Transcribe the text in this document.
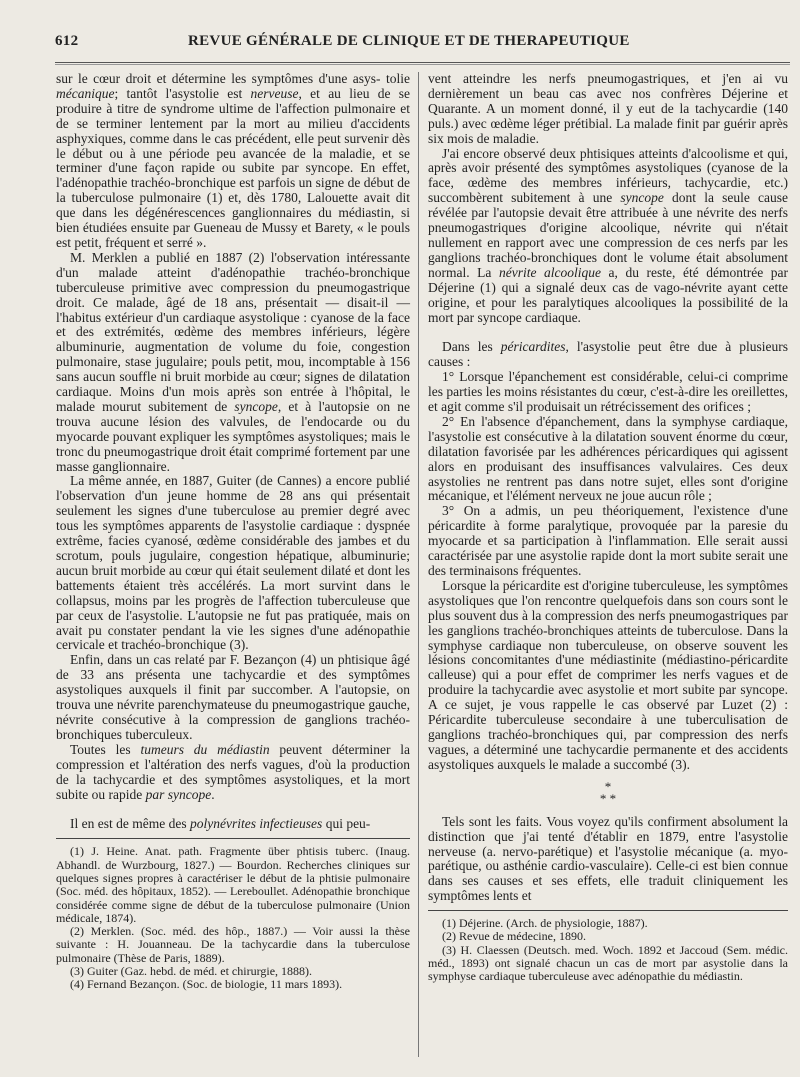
612	REVUE GÉNÉRALE DE CLINIQUE ET DE THERAPEUTIQUE

sur le cœur droit et détermine les symptômes d'une asys- tolie mécanique; tantôt l'asystolie est nerveuse, et au lieu de se produire à titre de syndrome ultime de l'affection pulmonaire et de se terminer lentement par la mort au milieu d'accidents asphyxiques, comme dans le cas précédent, elle peut survenir dès le début ou à une période peu avancée de la maladie, et se terminer d'une façon rapide ou subite par syncope. En effet, l'adénopathie trachéo-bronchique est parfois un signe de début de la tuberculose pulmonaire (1) et, dès 1780, Lalouette avait dit que dans les dégénérescences ganglionnaires du médiastin, si bien étudiées ensuite par Gueneau de Mussy et Barety, « le pouls est petit, fréquent et serré ».

M. Merklen a publié en 1887 (2) l'observation intéressante d'un malade atteint d'adénopathie trachéo-bronchique tuberculeuse primitive avec compression du pneumogastrique droit. Ce malade, âgé de 18 ans, présentait — disait-il — l'habitus extérieur d'un cardiaque asystolique : cyanose de la face et des extrémités, œdème des membres inférieurs, légère albuminurie, augmentation de volume du foie, congestion pulmonaire, stase jugulaire; pouls petit, mou, incomptable à 156 sans aucun souffle ni bruit morbide au cœur; signes de dilatation cardiaque. Moins d'un mois après son entrée à l'hôpital, le malade mourut subitement de syncope, et à l'autopsie on ne trouva aucune lésion des valvules, de l'endocarde ou du myocarde pouvant expliquer les symptômes asystoliques; mais le tronc du pneumogastrique droit était comprimé fortement par une masse ganglionnaire.

La même année, en 1887, Guiter (de Cannes) a encore publié l'observation d'un jeune homme de 28 ans qui présentait seulement les signes d'une tuberculose au premier degré avec tous les symptômes apparents de l'asystolie cardiaque : dyspnée extrême, facies cyanosé, œdème considérable des jambes et du scrotum, pouls jugulaire, congestion hépatique, albuminurie; aucun bruit morbide au cœur qui était seulement dilaté et dont les battements étaient très accélérés. La mort survint dans le collapsus, moins par les progrès de l'affection tuberculeuse que par ceux de l'asystolie. L'autopsie ne fut pas pratiquée, mais on avait pu constater pendant la vie les signes d'une adénopathie cervicale et trachéo-bronchique (3).

Enfin, dans un cas relaté par F. Bezançon (4) un phtisique âgé de 33 ans présenta une tachycardie et des symptômes asystoliques auxquels il finit par succomber. A l'autopsie, on trouva une névrite parenchymateuse du pneumogastrique gauche, névrite consécutive à la compression de ganglions trachéo-bronchiques tuberculeux.

Toutes les tumeurs du médiastin peuvent déterminer la compression et l'altération des nerfs vagues, d'où la production de la tachycardie et des symptômes asystoliques, et la mort subite ou rapide par syncope.

Il en est de même des polynévrites infectieuses qui peu-

(1) J. Heine. Anat. path. Fragmente über phtisis tuberc. (Inaug. Abhandl. de Wurzbourg, 1827.) — Bourdon. Recherches cliniques sur quelques signes propres à caractériser le début de la phtisie pulmonaire (Soc. méd. des hôpitaux, 1852). — Lereboullet. Adénopathie bronchique considérée comme signe de début de la tuberculose pulmonaire (Union médicale, 1874).

(2) Merklen. (Soc. méd. des hôp., 1887.) — Voir aussi la thèse suivante : H. Jouanneau. De la tachycardie dans la tuberculose pulmonaire (Thèse de Paris, 1889).

(3) Guiter (Gaz. hebd. de méd. et chirurgie, 1888).

(4) Fernand Bezançon. (Soc. de biologie, 11 mars 1893).

vent atteindre les nerfs pneumogastriques, et j'en ai vu dernièrement un beau cas avec nos confrères Déjerine et Quarante. A un moment donné, il y eut de la tachycardie (140 puls.) avec œdème léger prétibial. La malade finit par guérir après six mois de maladie.

J'ai encore observé deux phtisiques atteints d'alcoolisme et qui, après avoir présenté des symptômes asystoliques (cyanose de la face, œdème des membres inférieurs, tachycardie, etc.) succombèrent subitement à une syncope dont la seule cause révélée par l'autopsie devait être attribuée à une névrite des nerfs pneumogastriques d'origine alcoolique, névrite qui n'était nullement en rapport avec une compression de ces nerfs par les ganglions trachéo-bronchiques dont le volume était absolument normal. La névrite alcoolique a, du reste, été démontrée par Déjerine (1) qui a signalé deux cas de vago-névrite ayant cette origine, et pour les paralytiques alcooliques la possibilité de la mort par syncope cardiaque.

Dans les péricardites, l'asystolie peut être due à plusieurs causes :

1° Lorsque l'épanchement est considérable, celui-ci comprime les parties les moins résistantes du cœur, c'est-à-dire les oreillettes, et agit comme s'il produisait un rétrécissement des orifices ;

2° En l'absence d'épanchement, dans la symphyse cardiaque, l'asystolie est consécutive à la dilatation souvent énorme du cœur, dilatation favorisée par les adhérences péricardiques qui agissent alors en produisant des insuffisances valvulaires. Ces deux asystolies ne rentrent pas dans notre sujet, elles sont d'origine mécanique, et l'élément nerveux ne joue aucun rôle ;

3° On a admis, un peu théoriquement, l'existence d'une péricardite à forme paralytique, provoquée par la paresie du myocarde et sa participation à l'inflammation. Elle serait aussi caractérisée par une asystolie rapide dont la mort subite serait une des terminaisons fréquentes.

Lorsque la péricardite est d'origine tuberculeuse, les symptômes asystoliques que l'on rencontre quelquefois dans son cours sont le plus souvent dus à la compression des nerfs pneumogastriques par les ganglions trachéo-bronchiques atteints de tuberculose. Dans la symphyse cardiaque non tuberculeuse, on observe souvent les lésions concomitantes d'une médiastinite (médiastino-péricardite calleuse) qui a pour effet de comprimer les nerfs vagues et de produire la tachycardie avec asystolie et mort subite par syncope. A ce sujet, je vous rappelle le cas observé par Luzet (2) : Péricardite tuberculeuse secondaire à une tuberculisation de ganglions trachéo-bronchiques qui, par compression des nerfs vagues, a déterminé une tachycardie permanente et des accidents asystoliques auxquels le malade a succombé (3).

*
* *

Tels sont les faits. Vous voyez qu'ils confirment absolument la distinction que j'ai tenté d'établir en 1879, entre l'asystolie nerveuse (a. nervo-parétique) et l'asystolie mécanique (a. myo-parétique, ou asthénie cardio-vasculaire). Celle-ci est bien connue dans ses causes et ses effets, elle traduit cliniquement les symptômes lents et

(1) Déjerine. (Arch. de physiologie, 1887).

(2) Revue de médecine, 1890.

(3) H. Claessen (Deutsch. med. Woch. 1892 et Jaccoud (Sem. médic. méd., 1893) ont signalé chacun un cas de mort par asystolie dans la symphyse cardiaque tuberculeuse avec adénopathie du médiastin.
